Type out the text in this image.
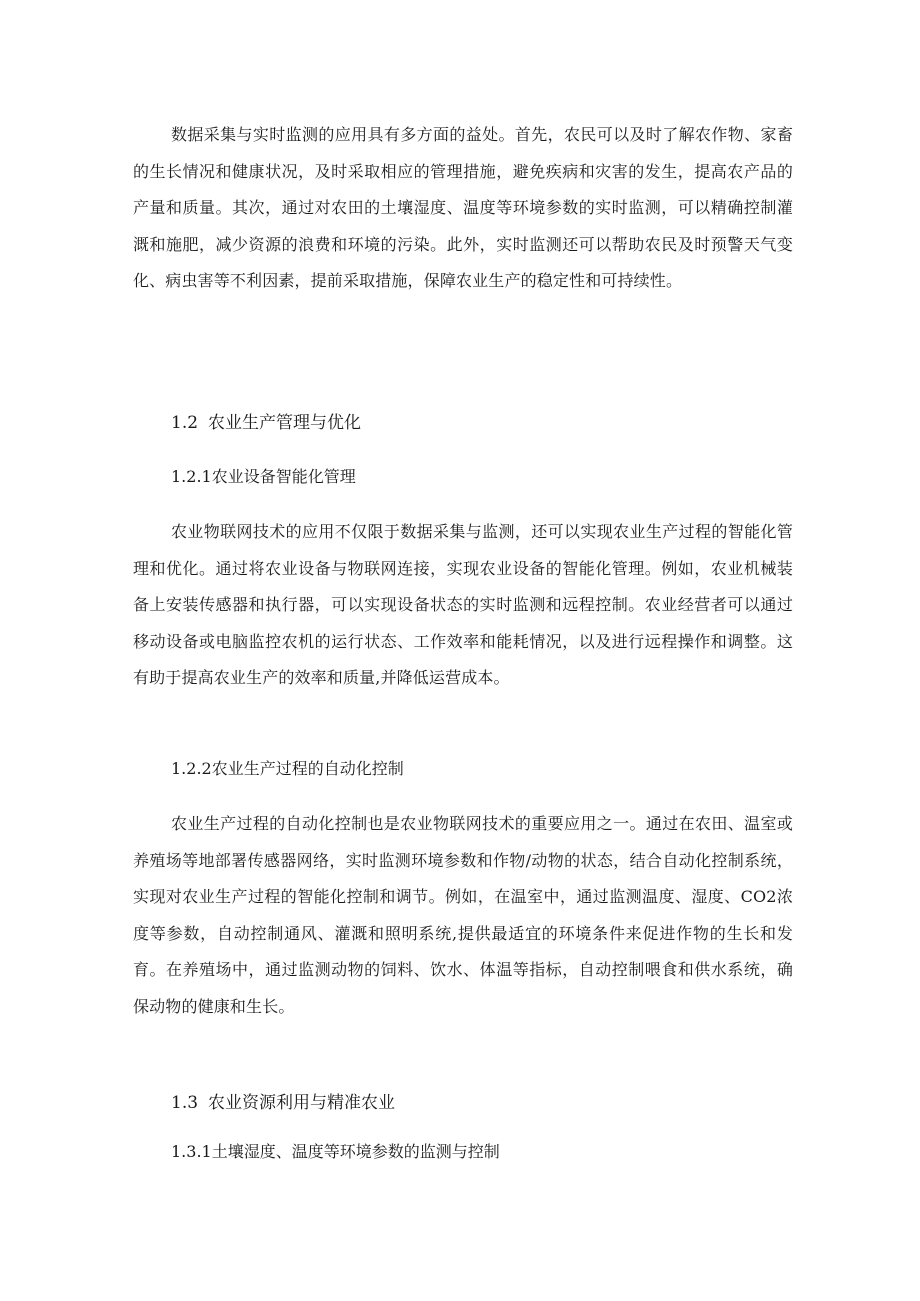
数据采集与实时监测的应用具有多方面的益处。首先，农民可以及时了解农作物、家畜的生长情况和健康状况，及时采取相应的管理措施，避免疾病和灾害的发生，提高农产品的产量和质量。其次，通过对农田的土壤湿度、温度等环境参数的实时监测，可以精确控制灌溉和施肥，减少资源的浪费和环境的污染。此外，实时监测还可以帮助农民及时预警天气变化、病虫害等不利因素，提前采取措施，保障农业生产的稳定性和可持续性。

1.2 农业生产管理与优化
1.2.1农业设备智能化管理

农业物联网技术的应用不仅限于数据采集与监测，还可以实现农业生产过程的智能化管理和优化。通过将农业设备与物联网连接，实现农业设备的智能化管理。例如，农业机械装备上安装传感器和执行器，可以实现设备状态的实时监测和远程控制。农业经营者可以通过移动设备或电脑监控农机的运行状态、工作效率和能耗情况，以及进行远程操作和调整。这有助于提高农业生产的效率和质量,并降低运营成本。

1.2.2农业生产过程的自动化控制

农业生产过程的自动化控制也是农业物联网技术的重要应用之一。通过在农田、温室或养殖场等地部署传感器网络，实时监测环境参数和作物/动物的状态，结合自动化控制系统，实现对农业生产过程的智能化控制和调节。例如，在温室中，通过监测温度、湿度、CO2浓度等参数，自动控制通风、灌溉和照明系统,提供最适宜的环境条件来促进作物的生长和发育。在养殖场中，通过监测动物的饲料、饮水、体温等指标，自动控制喂食和供水系统，确保动物的健康和生长。

1.3 农业资源利用与精准农业
1.3.1土壤湿度、温度等环境参数的监测与控制
